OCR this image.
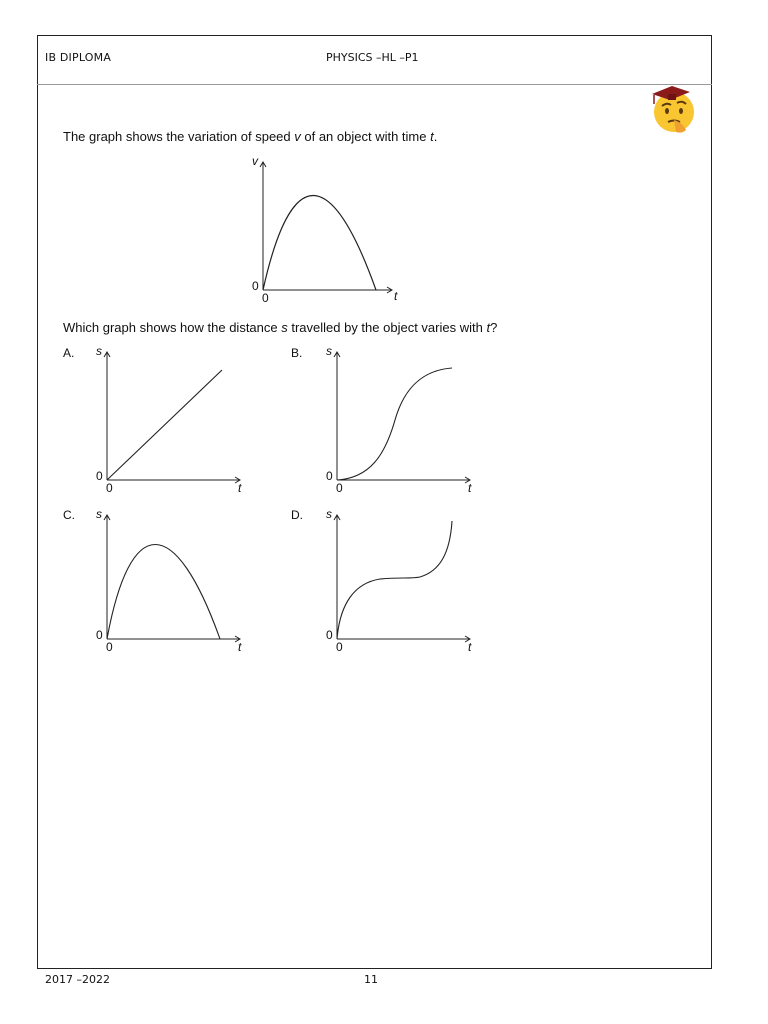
IB DIPLOMA	PHYSICS –HL –P1
The graph shows the variation of speed v of an object with time t.
v
t
0
0
Which graph shows how the distance s travelled by the object varies with t?
A. s
t
0
0
B. s
t
0
0
C. s
t
0
0
D. s
t
0
0
2017 –2022	11
